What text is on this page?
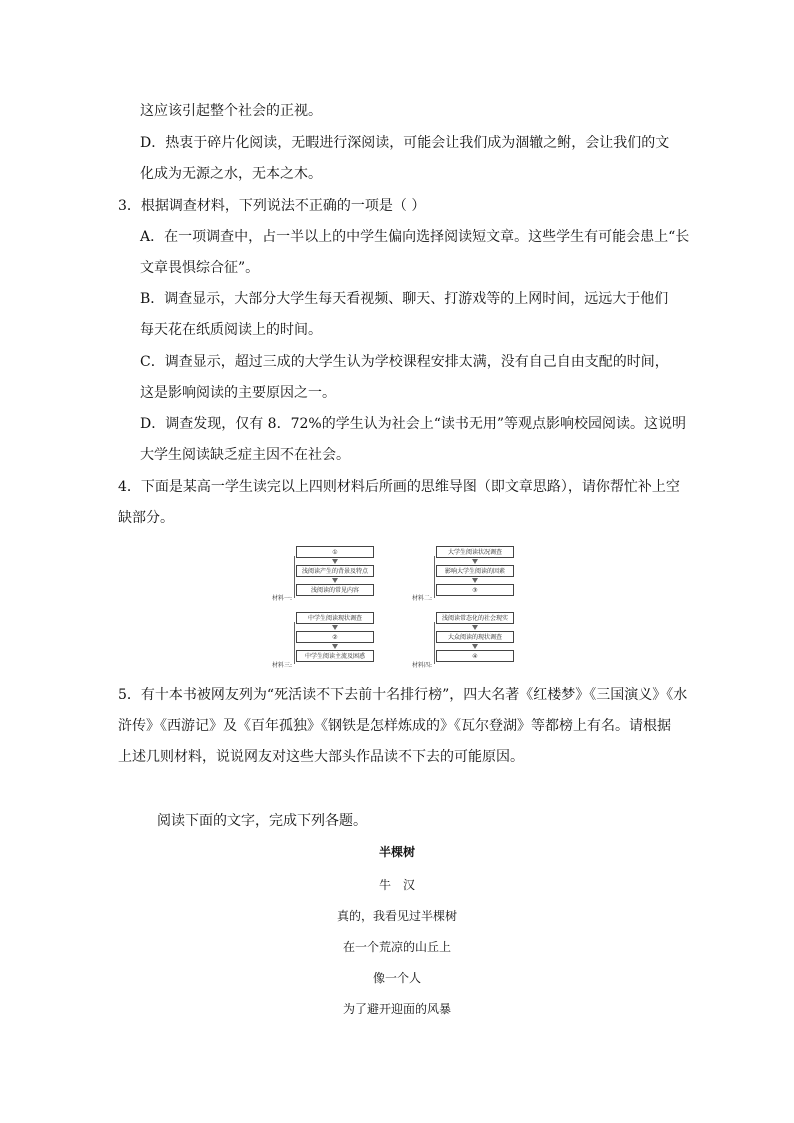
这应该引起整个社会的正视。
D．热衷于碎片化阅读，无暇进行深阅读，可能会让我们成为涸辙之鲋，会让我们的文
化成为无源之水，无本之木。
3．根据调查材料，下列说法不正确的一项是（ ）
A．在一项调查中，占一半以上的中学生偏向选择阅读短文章。这些学生有可能会患上“长
文章畏惧综合征”。
B．调查显示，大部分大学生每天看视频、聊天、打游戏等的上网时间，远远大于他们
每天花在纸质阅读上的时间。
C．调查显示，超过三成的大学生认为学校课程安排太满，没有自己自由支配的时间，
这是影响阅读的主要原因之一。
D．调查发现，仅有 8．72%的学生认为社会上“读书无用”等观点影响校园阅读。这说明
大学生阅读缺乏症主因不在社会。
4．下面是某高一学生读完以上四则材料后所画的思维导图（即文章思路），请你帮忙补上空
缺部分。
材料一:
①
浅阅读产生的背景及特点
浅阅读的常见内容
材料二:
大学生阅读状况调查
影响大学生阅读的因素
③
材料三:
中学生阅读现状调查
②
中学生阅读主流及困惑
材料四:
浅阅读常态化的社会现实
大众阅读的现状调查
④
5．有十本书被网友列为“死活读不下去前十名排行榜”，四大名著《红楼梦》《三国演义》《水
浒传》《西游记》及《百年孤独》《钢铁是怎样炼成的》《瓦尔登湖》等都榜上有名。请根据
上述几则材料，说说网友对这些大部头作品读不下去的可能原因。
阅读下面的文字，完成下列各题。
半棵树
牛　汉
真的，我看见过半棵树
在一个荒凉的山丘上
像一个人
为了避开迎面的风暴
